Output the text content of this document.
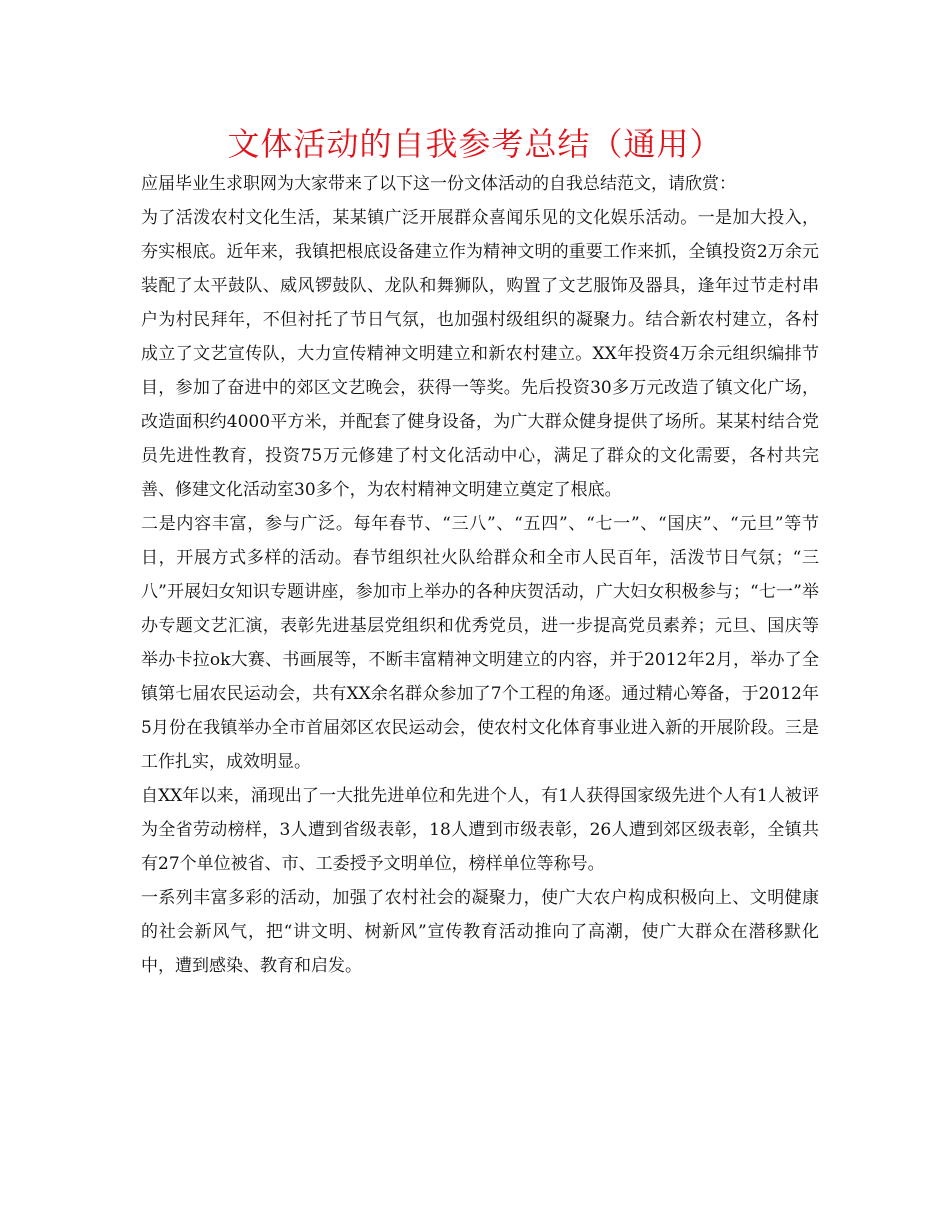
文体活动的自我参考总结（通用）

应届毕业生求职网为大家带来了以下这一份文体活动的自我总结范文，请欣赏：

为了活泼农村文化生活，某某镇广泛开展群众喜闻乐见的文化娱乐活动。一是加大投入，夯实根底。近年来，我镇把根底设备建立作为精神文明的重要工作来抓，全镇投资2万余元装配了太平鼓队、威风锣鼓队、龙队和舞狮队，购置了文艺服饰及器具，逢年过节走村串户为村民拜年，不但衬托了节日气氛，也加强村级组织的凝聚力。结合新农村建立，各村成立了文艺宣传队，大力宣传精神文明建立和新农村建立。XX年投资4万余元组织编排节目，参加了奋进中的郊区文艺晚会，获得一等奖。先后投资30多万元改造了镇文化广场，改造面积约4000平方米，并配套了健身设备，为广大群众健身提供了场所。某某村结合党员先进性教育，投资75万元修建了村文化活动中心，满足了群众的文化需要，各村共完善、修建文化活动室30多个，为农村精神文明建立奠定了根底。

二是内容丰富，参与广泛。每年春节、“三八”、“五四”、“七一”、“国庆”、“元旦”等节日，开展方式多样的活动。春节组织社火队给群众和全市人民百年，活泼节日气氛；“三八”开展妇女知识专题讲座，参加市上举办的各种庆贺活动，广大妇女积极参与；“七一”举办专题文艺汇演，表彰先进基层党组织和优秀党员，进一步提高党员素养；元旦、国庆等举办卡拉ok大赛、书画展等，不断丰富精神文明建立的内容，并于2012年2月，举办了全镇第七届农民运动会，共有XX余名群众参加了7个工程的角逐。通过精心筹备，于2012年5月份在我镇举办全市首届郊区农民运动会，使农村文化体育事业进入新的开展阶段。三是工作扎实，成效明显。

自XX年以来，涌现出了一大批先进单位和先进个人，有1人获得国家级先进个人有1人被评为全省劳动榜样，3人遭到省级表彰，18人遭到市级表彰，26人遭到郊区级表彰，全镇共有27个单位被省、市、工委授予文明单位，榜样单位等称号。

一系列丰富多彩的活动，加强了农村社会的凝聚力，使广大农户构成积极向上、文明健康的社会新风气，把“讲文明、树新风”宣传教育活动推向了高潮，使广大群众在潜移默化中，遭到感染、教育和启发。
